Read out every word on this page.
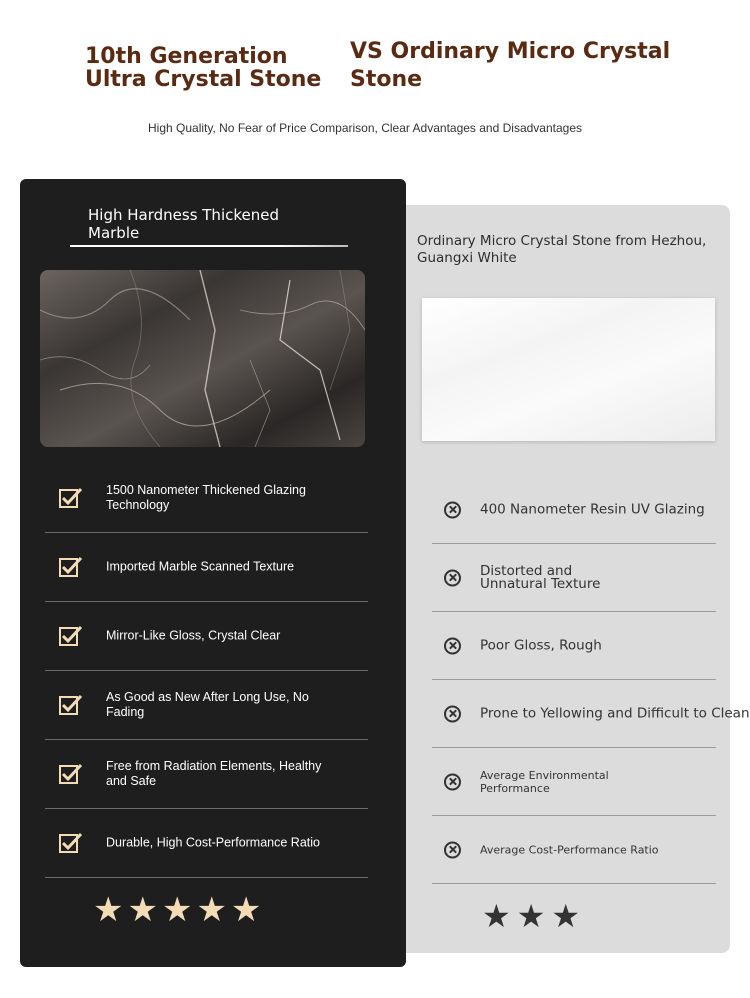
10th Generation Ultra Crystal Stone
VS Ordinary Micro Crystal Stone
High Quality, No Fear of Price Comparison, Clear Advantages and Disadvantages
Ordinary Micro Crystal Stone from Hezhou, Guangxi White
400 Nanometer Resin UV Glazing
Distorted and
Unnatural Texture
Poor Gloss, Rough
Prone to Yellowing and Difficult to Clean
Average Environmental
Performance
Average Cost-Performance Ratio
★★★
High Hardness Thickened Marble
1500 Nanometer Thickened Glazing Technology
Imported Marble Scanned Texture
Mirror-Like Gloss, Crystal Clear
As Good as New After Long Use, No Fading
Free from Radiation Elements, Healthy and Safe
Durable, High Cost-Performance Ratio
★★★★★
